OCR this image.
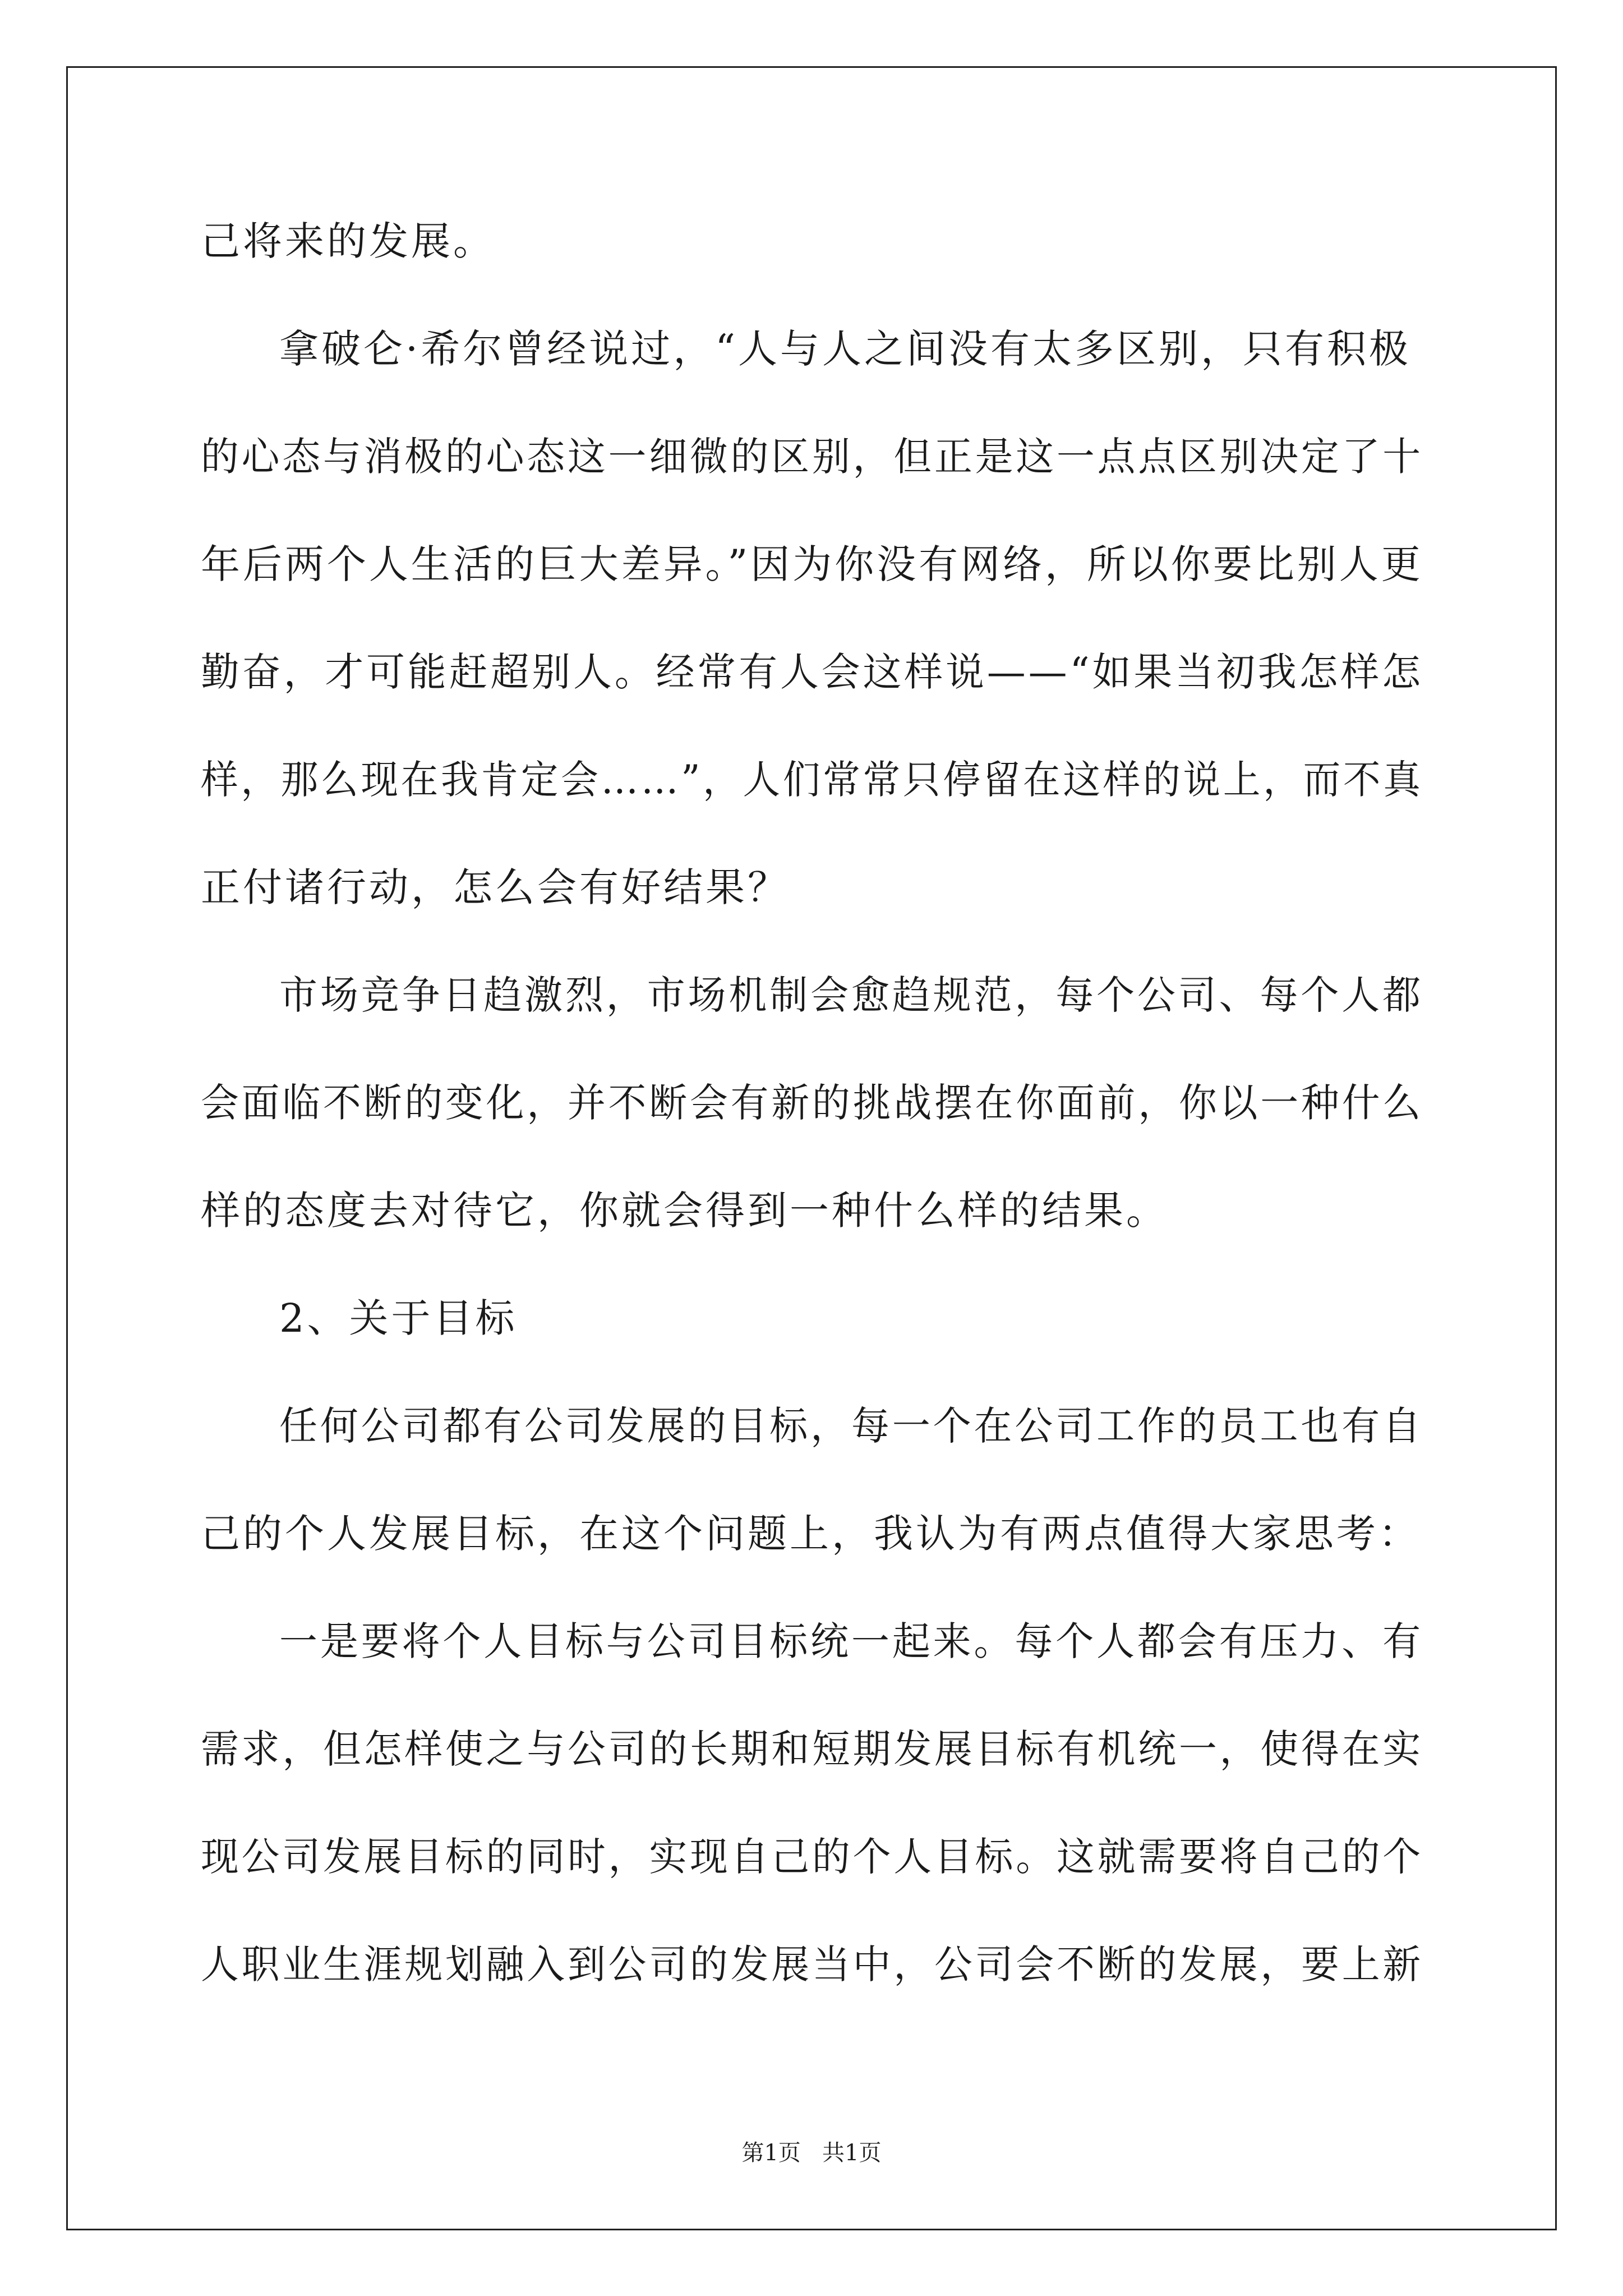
己将来的发展。
拿破仑·希尔曾经说过，“人与人之间没有太多区别，只有积极
的心态与消极的心态这一细微的区别，但正是这一点点区别决定了十
年后两个人生活的巨大差异。”因为你没有网络，所以你要比别人更
勤奋，才可能赶超别人。经常有人会这样说——“如果当初我怎样怎
样，那么现在我肯定会……”，人们常常只停留在这样的说上，而不真
正付诸行动，怎么会有好结果？
市场竞争日趋激烈，市场机制会愈趋规范，每个公司、每个人都
会面临不断的变化，并不断会有新的挑战摆在你面前，你以一种什么
样的态度去对待它，你就会得到一种什么样的结果。
2、关于目标
任何公司都有公司发展的目标，每一个在公司工作的员工也有自
己的个人发展目标，在这个问题上，我认为有两点值得大家思考：
一是要将个人目标与公司目标统一起来。每个人都会有压力、有
需求，但怎样使之与公司的长期和短期发展目标有机统一，使得在实
现公司发展目标的同时，实现自己的个人目标。这就需要将自己的个
人职业生涯规划融入到公司的发展当中，公司会不断的发展，要上新
第1页   共1页
